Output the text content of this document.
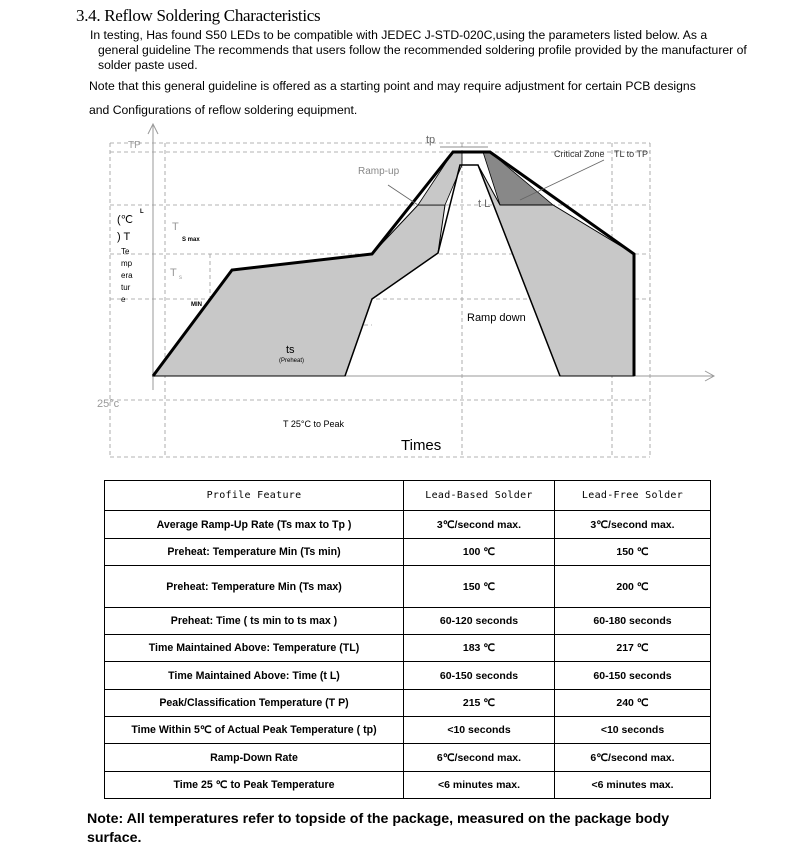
3.4. Reflow Soldering Characteristics
In testing, Has found S50 LEDs to be compatible with JEDEC J-STD-020C,using the parameters listed below. As a
general guideline The recommends that users follow the recommended soldering profile provided by the manufacturer of
solder paste used.
Note that this general guideline is offered as a starting point and may require adjustment for certain PCB designs
and Configurations of reflow soldering equipment.
tp
TP
Critical Zone TL to TP
Ramp-up
t L
L
(℃
) T
Te
mp
era
tur
e
T
S max
T s
MIN
Ramp down
ts
(Preheat)
25°c
T 25°C to Peak
Times
Profile Feature	Lead-Based Solder	Lead-Free Solder
Average Ramp-Up Rate (Ts max to Tp )	3℃/second max.	3℃/second max.
Preheat: Temperature Min (Ts min)	100 ℃	150 ℃
Preheat: Temperature Min (Ts max)	150 ℃	200 ℃
Preheat: Time ( ts min to ts max )	60-120 seconds	60-180 seconds
Time Maintained Above: Temperature (TL)	183 ℃	217 ℃
Time Maintained Above: Time (t L)	60-150 seconds	60-150 seconds
Peak/Classification Temperature (T P)	215 ℃	240 ℃
Time Within 5℃ of Actual Peak Temperature ( tp)	<10 seconds	<10 seconds
Ramp-Down Rate	6℃/second max.	6℃/second max.
Time 25 ℃ to Peak Temperature	<6 minutes max.	<6 minutes max.
Note: All temperatures refer to topside of the package, measured on the package body surface.
